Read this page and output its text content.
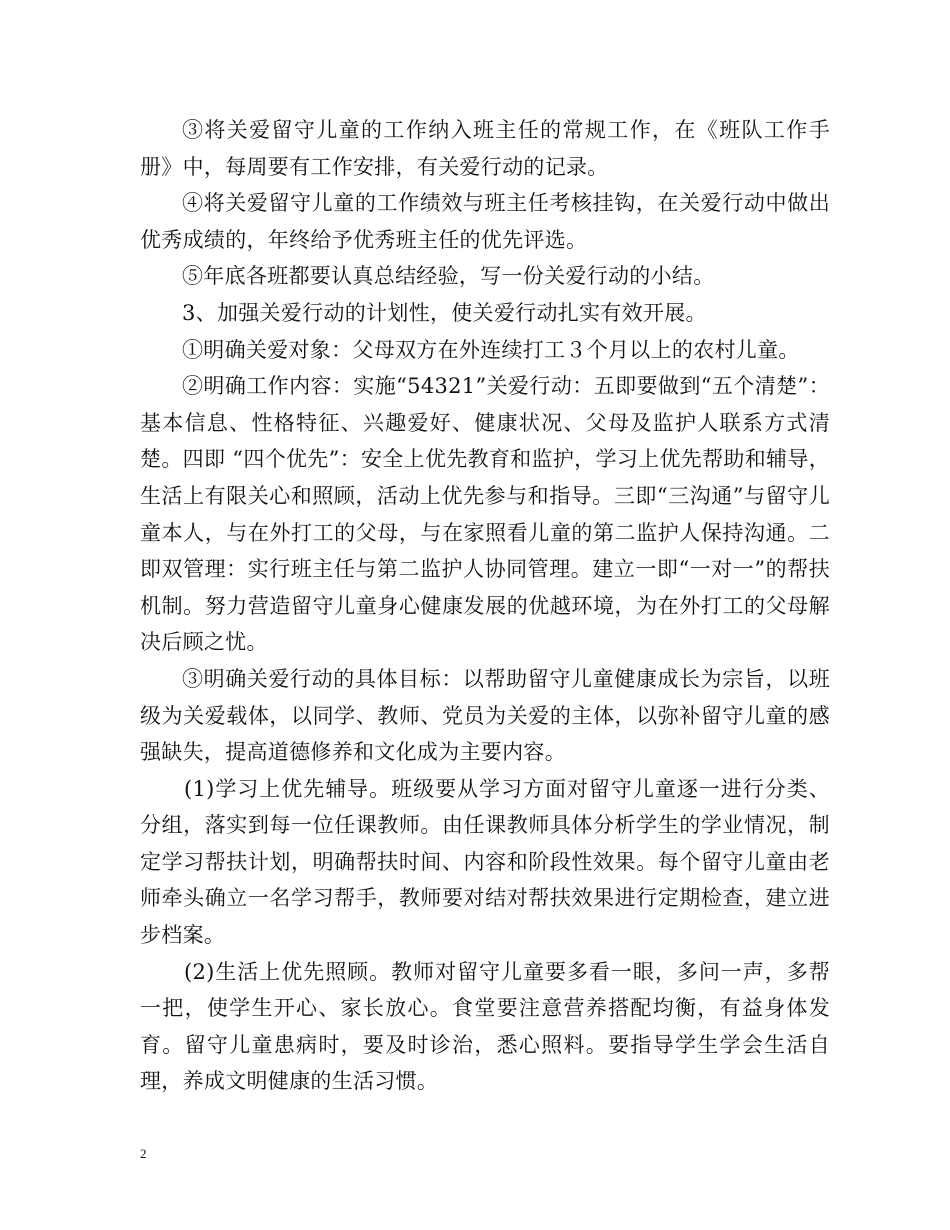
③将关爱留守儿童的工作纳入班主任的常规工作，在《班队工作手册》中，每周要有工作安排，有关爱行动的记录。

④将关爱留守儿童的工作绩效与班主任考核挂钩，在关爱行动中做出优秀成绩的，年终给予优秀班主任的优先评选。

⑤年底各班都要认真总结经验，写一份关爱行动的小结。

3、加强关爱行动的计划性，使关爱行动扎实有效开展。

①明确关爱对象：父母双方在外连续打工３个月以上的农村儿童。

②明确工作内容：实施“54321”关爱行动：五即要做到“五个清楚”：基本信息、性格特征、兴趣爱好、健康状况、父母及监护人联系方式清楚。四即 “四个优先”：安全上优先教育和监护，学习上优先帮助和辅导，生活上有限关心和照顾，活动上优先参与和指导。三即“三沟通”与留守儿童本人，与在外打工的父母，与在家照看儿童的第二监护人保持沟通。二即双管理：实行班主任与第二监护人协同管理。建立一即“一对一”的帮扶机制。努力营造留守儿童身心健康发展的优越环境，为在外打工的父母解决后顾之忧。

③明确关爱行动的具体目标：以帮助留守儿童健康成长为宗旨，以班级为关爱载体，以同学、教师、党员为关爱的主体，以弥补留守儿童的感强缺失，提高道德修养和文化成为主要内容。

(1)学习上优先辅导。班级要从学习方面对留守儿童逐一进行分类、分组，落实到每一位任课教师。由任课教师具体分析学生的学业情况，制定学习帮扶计划，明确帮扶时间、内容和阶段性效果。每个留守儿童由老师牵头确立一名学习帮手，教师要对结对帮扶效果进行定期检查，建立进步档案。

(2)生活上优先照顾。教师对留守儿童要多看一眼，多问一声，多帮一把，使学生开心、家长放心。食堂要注意营养搭配均衡，有益身体发育。留守儿童患病时，要及时诊治，悉心照料。要指导学生学会生活自理，养成文明健康的生活习惯。

2
